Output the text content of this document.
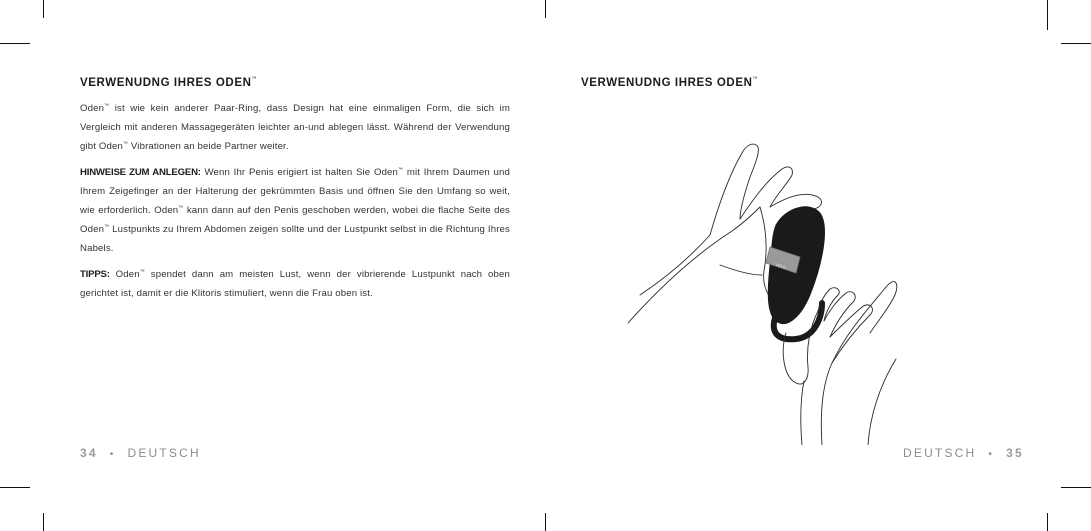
VERWENUDNG IHRES ODEN™

Oden™ ist wie kein anderer Paar-Ring, dass Design hat eine einmaligen Form, die sich im Vergleich mit anderen Massagegeräten leichter an-und ablegen lässt. Während der Verwendung gibt Oden™ Vibrationen an beide Partner weiter.

HINWEISE ZUM ANLEGEN: Wenn Ihr Penis erigiert ist halten Sie Oden™ mit Ihrem Daumen und Ihrem Zeigefinger an der Halterung der gekrümmten Basis und öffnen Sie den Umfang so weit, wie erforderlich. Oden™ kann dann auf den Penis geschoben werden, wobei die flache Seite des Oden™ Lustpunkts zu Ihrem Abdomen zeigen sollte und der Lustpunkt selbst in die Richtung Ihres Nabels.

TIPPS: Oden™ spendet dann am meisten Lust, wenn der vibrierende Lustpunkt nach oben gerichtet ist, damit er die Klitoris stimuliert, wenn die Frau oben ist.

34 • DEUTSCH
VERWENUDNG IHRES ODEN™
LELO
DEUTSCH • 35
